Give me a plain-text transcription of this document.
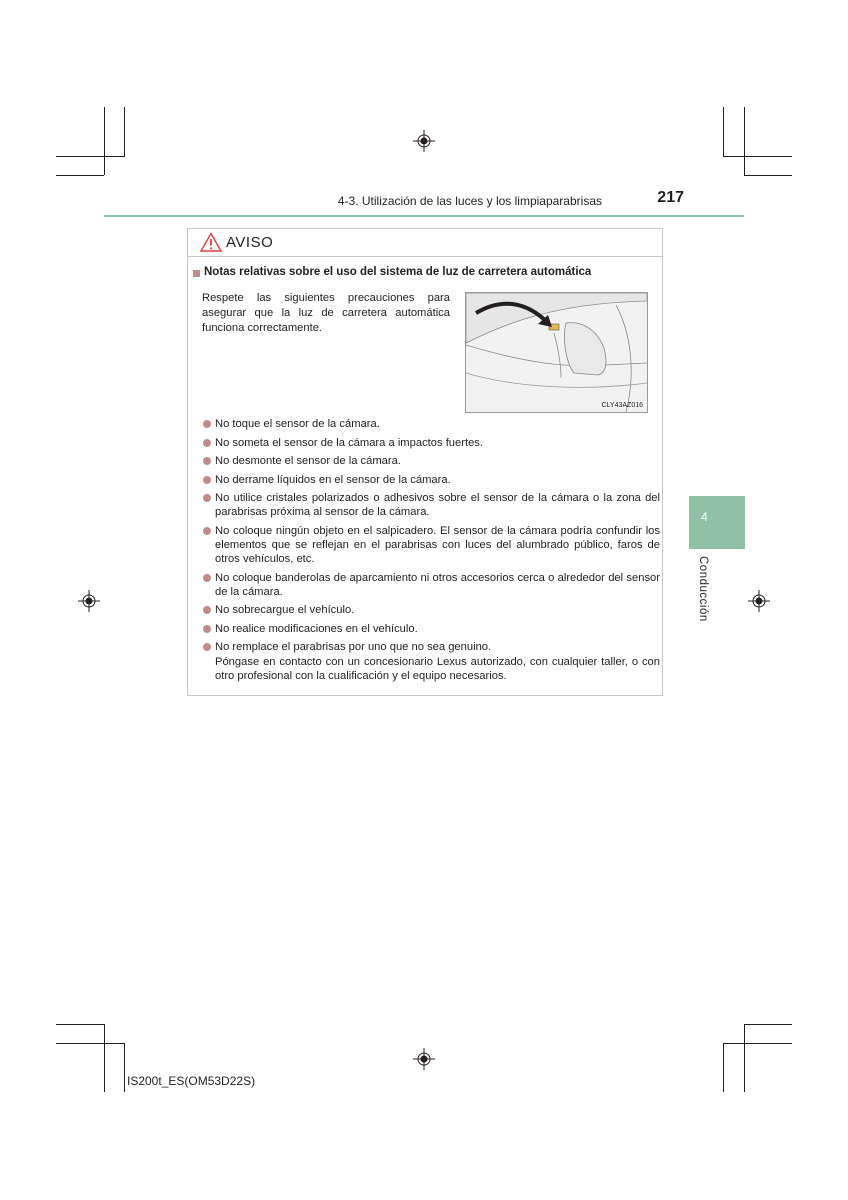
4-3. Utilización de las luces y los limpiaparabrisas	217
AVISO
Notas relativas sobre el uso del sistema de luz de carretera automática
Respete las siguientes precauciones para asegurar que la luz de carretera automática funciona correctamente.
CLY43AZ016
No toque el sensor de la cámara.
No someta el sensor de la cámara a impactos fuertes.
No desmonte el sensor de la cámara.
No derrame líquidos en el sensor de la cámara.
No utilice cristales polarizados o adhesivos sobre el sensor de la cámara o la zona del parabrisas próxima al sensor de la cámara.
No coloque ningún objeto en el salpicadero. El sensor de la cámara podría confundir los elementos que se reflejan en el parabrisas con luces del alumbrado público, faros de otros vehículos, etc.
No coloque banderolas de aparcamiento ni otros accesorios cerca o alrededor del sensor de la cámara.
No sobrecargue el vehículo.
No realice modificaciones en el vehículo.
No remplace el parabrisas por uno que no sea genuino.
Póngase en contacto con un concesionario Lexus autorizado, con cualquier taller, o con otro profesional con la cualificación y el equipo necesarios.
4
Conducción
IS200t_ES(OM53D22S)
